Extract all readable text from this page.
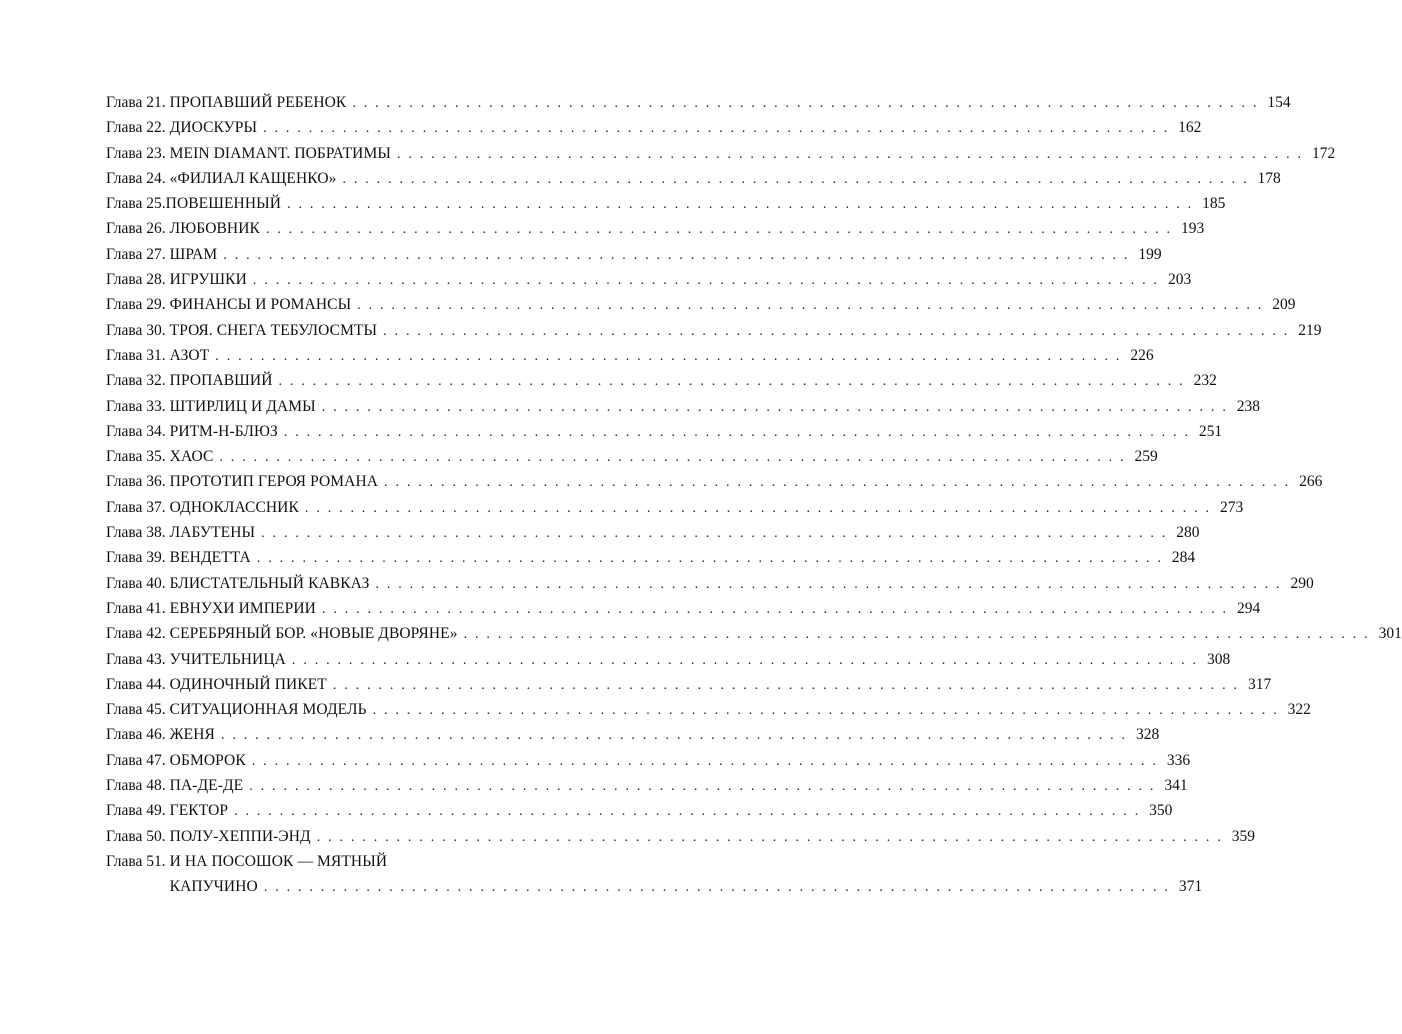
Глава 21. ПРОПАВШИЙ РЕБЕНОК . . . . . . . . . . . . . . . . . . . . . . . . . . . . . . . . . . . . . . . . . . . . . . . . . . . . . . . . . . . . . . . . . . . . . . . . . . . . . . . . 154
Глава 22. ДИОСКУРЫ . . . . . . . . . . . . . . . . . . . . . . . . . . . . . . . . . . . . . . . . . . . . . . . . . . . . . . . . . . . . . . . . . . . . . . . . . . . . . . . . 162
Глава 23. MEIN DIAMANT. ПОБРАТИМЫ . . . . . . . . . . . . . . . . . . . . . . . . . . . . . . . . . . . . . . . . . . . . . . . . . . . . . . . . . . . . . . . . . . . . . . . . . . . . . . . . 172
Глава 24. «ФИЛИАЛ КАЩЕНКО» . . . . . . . . . . . . . . . . . . . . . . . . . . . . . . . . . . . . . . . . . . . . . . . . . . . . . . . . . . . . . . . . . . . . . . . . . . . . . . . . 178
Глава 25. ПОВЕШЕННЫЙ . . . . . . . . . . . . . . . . . . . . . . . . . . . . . . . . . . . . . . . . . . . . . . . . . . . . . . . . . . . . . . . . . . . . . . . . . . . . . . . . 185
Глава 26. ЛЮБОВНИК . . . . . . . . . . . . . . . . . . . . . . . . . . . . . . . . . . . . . . . . . . . . . . . . . . . . . . . . . . . . . . . . . . . . . . . . . . . . . . . . 193
Глава 27. ШРАМ . . . . . . . . . . . . . . . . . . . . . . . . . . . . . . . . . . . . . . . . . . . . . . . . . . . . . . . . . . . . . . . . . . . . . . . . . . . . . . . . 199
Глава 28. ИГРУШКИ . . . . . . . . . . . . . . . . . . . . . . . . . . . . . . . . . . . . . . . . . . . . . . . . . . . . . . . . . . . . . . . . . . . . . . . . . . . . . . . . 203
Глава 29. ФИНАНСЫ И РОМАНСЫ . . . . . . . . . . . . . . . . . . . . . . . . . . . . . . . . . . . . . . . . . . . . . . . . . . . . . . . . . . . . . . . . . . . . . . . . . . . . . . . . 209
Глава 30. ТРОЯ. СНЕГА ТЕБУЛОСМТЫ . . . . . . . . . . . . . . . . . . . . . . . . . . . . . . . . . . . . . . . . . . . . . . . . . . . . . . . . . . . . . . . . . . . . . . . . . . . . . . . . 219
Глава 31. АЗОТ . . . . . . . . . . . . . . . . . . . . . . . . . . . . . . . . . . . . . . . . . . . . . . . . . . . . . . . . . . . . . . . . . . . . . . . . . . . . . . . . 226
Глава 32. ПРОПАВШИЙ . . . . . . . . . . . . . . . . . . . . . . . . . . . . . . . . . . . . . . . . . . . . . . . . . . . . . . . . . . . . . . . . . . . . . . . . . . . . . . . . 232
Глава 33. ШТИРЛИЦ И ДАМЫ . . . . . . . . . . . . . . . . . . . . . . . . . . . . . . . . . . . . . . . . . . . . . . . . . . . . . . . . . . . . . . . . . . . . . . . . . . . . . . . . 238
Глава 34. РИТМ-Н-БЛЮЗ . . . . . . . . . . . . . . . . . . . . . . . . . . . . . . . . . . . . . . . . . . . . . . . . . . . . . . . . . . . . . . . . . . . . . . . . . . . . . . . . 251
Глава 35. ХАОС . . . . . . . . . . . . . . . . . . . . . . . . . . . . . . . . . . . . . . . . . . . . . . . . . . . . . . . . . . . . . . . . . . . . . . . . . . . . . . . . 259
Глава 36. ПРОТОТИП ГЕРОЯ РОМАНА . . . . . . . . . . . . . . . . . . . . . . . . . . . . . . . . . . . . . . . . . . . . . . . . . . . . . . . . . . . . . . . . . . . . . . . . . . . . . . . . 266
Глава 37. ОДНОКЛАССНИК . . . . . . . . . . . . . . . . . . . . . . . . . . . . . . . . . . . . . . . . . . . . . . . . . . . . . . . . . . . . . . . . . . . . . . . . . . . . . . . . 273
Глава 38. ЛАБУТЕНЫ . . . . . . . . . . . . . . . . . . . . . . . . . . . . . . . . . . . . . . . . . . . . . . . . . . . . . . . . . . . . . . . . . . . . . . . . . . . . . . . . 280
Глава 39. ВЕНДЕТТА . . . . . . . . . . . . . . . . . . . . . . . . . . . . . . . . . . . . . . . . . . . . . . . . . . . . . . . . . . . . . . . . . . . . . . . . . . . . . . . . 284
Глава 40. БЛИСТАТЕЛЬНЫЙ КАВКАЗ . . . . . . . . . . . . . . . . . . . . . . . . . . . . . . . . . . . . . . . . . . . . . . . . . . . . . . . . . . . . . . . . . . . . . . . . . . . . . . . . 290
Глава 41. ЕВНУХИ ИМПЕРИИ . . . . . . . . . . . . . . . . . . . . . . . . . . . . . . . . . . . . . . . . . . . . . . . . . . . . . . . . . . . . . . . . . . . . . . . . . . . . . . . . 294
Глава 42. СЕРЕБРЯНЫЙ БОР. «НОВЫЕ ДВОРЯНЕ» . . . . . . . . . . . . . . . . . . . . . . . . . . . . . . . . . . . . . . . . . . . . . . . . . . . . . . . . . . . . . . . . . . . . . . . . . . . . . . . . 301
Глава 43. УЧИТЕЛЬНИЦА . . . . . . . . . . . . . . . . . . . . . . . . . . . . . . . . . . . . . . . . . . . . . . . . . . . . . . . . . . . . . . . . . . . . . . . . . . . . . . . . 308
Глава 44. ОДИНОЧНЫЙ ПИКЕТ . . . . . . . . . . . . . . . . . . . . . . . . . . . . . . . . . . . . . . . . . . . . . . . . . . . . . . . . . . . . . . . . . . . . . . . . . . . . . . . . 317
Глава 45. СИТУАЦИОННАЯ МОДЕЛЬ . . . . . . . . . . . . . . . . . . . . . . . . . . . . . . . . . . . . . . . . . . . . . . . . . . . . . . . . . . . . . . . . . . . . . . . . . . . . . . . . 322
Глава 46. ЖЕНЯ . . . . . . . . . . . . . . . . . . . . . . . . . . . . . . . . . . . . . . . . . . . . . . . . . . . . . . . . . . . . . . . . . . . . . . . . . . . . . . . . 328
Глава 47. ОБМОРОК . . . . . . . . . . . . . . . . . . . . . . . . . . . . . . . . . . . . . . . . . . . . . . . . . . . . . . . . . . . . . . . . . . . . . . . . . . . . . . . . 336
Глава 48. ПА-ДЕ-ДЕ . . . . . . . . . . . . . . . . . . . . . . . . . . . . . . . . . . . . . . . . . . . . . . . . . . . . . . . . . . . . . . . . . . . . . . . . . . . . . . . . 341
Глава 49. ГЕКТОР . . . . . . . . . . . . . . . . . . . . . . . . . . . . . . . . . . . . . . . . . . . . . . . . . . . . . . . . . . . . . . . . . . . . . . . . . . . . . . . . 350
Глава 50. ПОЛУ-ХЕППИ-ЭНД . . . . . . . . . . . . . . . . . . . . . . . . . . . . . . . . . . . . . . . . . . . . . . . . . . . . . . . . . . . . . . . . . . . . . . . . . . . . . . . . 359
Глава 51. И НА ПОСОШОК — МЯТНЫЙ
КАПУЧИНО . . . . . . . . . . . . . . . . . . . . . . . . . . . . . . . . . . . . . . . . . . . . . . . . . . . . . . . . . . . . . . . . . . . . . . . . . . . . . . . . 371
